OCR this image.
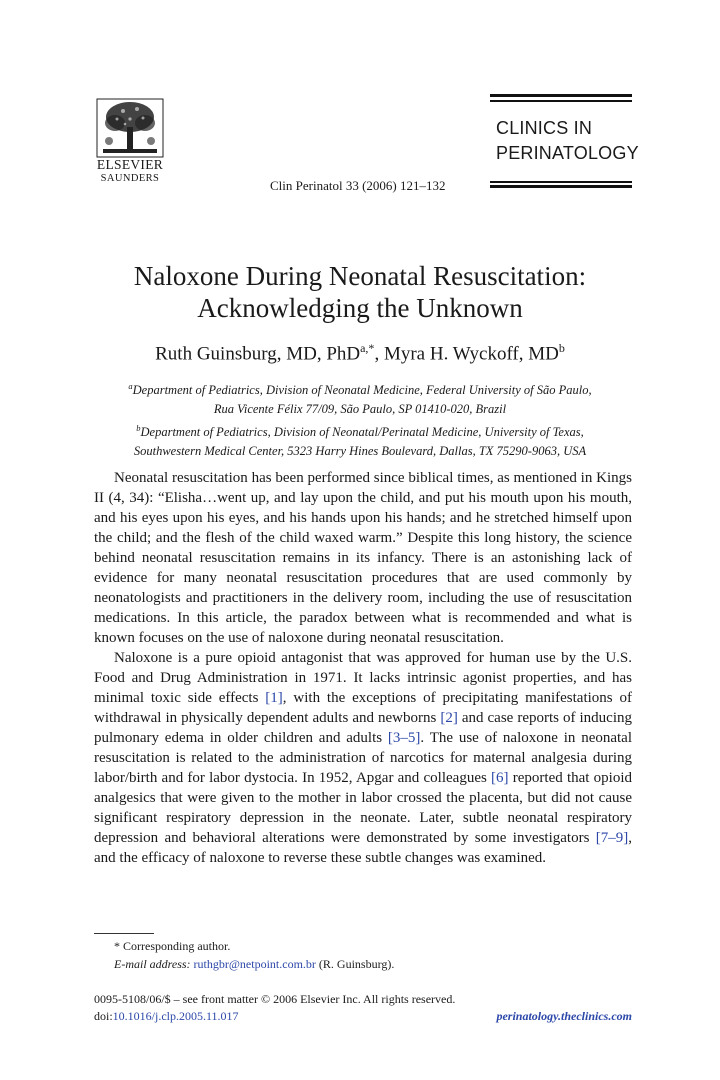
ELSEVIER
SAUNDERS	Clin Perinatol 33 (2006) 121–132
CLINICS IN
PERINATOLOGY
Naloxone During Neonatal Resuscitation:
Acknowledging the Unknown
Ruth Guinsburg, MD, PhD$^{a,*}$, Myra H. Wyckoff, $MD^b$
$^a$Department of Pediatrics, Division of Neonatal Medicine, Federal University of São Paulo,
Rua Vicente Félix 77/09, São Paulo, SP 01410-020, Brazil
$^b$Department of Pediatrics, Division of Neonatal/Perinatal Medicine, University of Texas,
Southwestern Medical Center, 5323 Harry Hines Boulevard, Dallas, TX 75290-9063, USA

Neonatal resuscitation has been performed since biblical times, as mentioned in Kings II (4, 34): “Elisha…went up, and lay upon the child, and put his mouth upon his mouth, and his eyes upon his eyes, and his hands upon his hands; and he stretched himself upon the child; and the flesh of the child waxed warm.” Despite this long history, the science behind neonatal resuscitation remains in its infancy. There is an astonishing lack of evidence for many neonatal resuscitation procedures that are used commonly by neonatologists and practitioners in the delivery room, including the use of resuscitation medications. In this article, the paradox between what is recommended and what is known focuses on the use of naloxone during neonatal resuscitation.

Naloxone is a pure opioid antagonist that was approved for human use by the U.S. Food and Drug Administration in 1971. It lacks intrinsic agonist properties, and has minimal toxic side effects [1], with the exceptions of precipitating manifestations of withdrawal in physically dependent adults and newborns [2] and case reports of inducing pulmonary edema in older children and adults [3–5]. The use of naloxone in neonatal resuscitation is related to the administration of narcotics for maternal analgesia during labor/birth and for labor dystocia. In 1952, Apgar and colleagues [6] reported that opioid analgesics that were given to the mother in labor crossed the placenta, but did not cause significant respiratory depression in the neonate. Later, subtle neonatal respiratory depression and behavioral alterations were demonstrated by some investigators [7–9], and the efficacy of naloxone to reverse these subtle changes was examined.

* Corresponding author.
E-mail address: ruthgbr@netpoint.com.br (R. Guinsburg).
0095-5108/06/$ – see front matter © 2006 Elsevier Inc. All rights reserved.
doi:10.1016/j.clp.2005.11.017	perinatology.theclinics.com
